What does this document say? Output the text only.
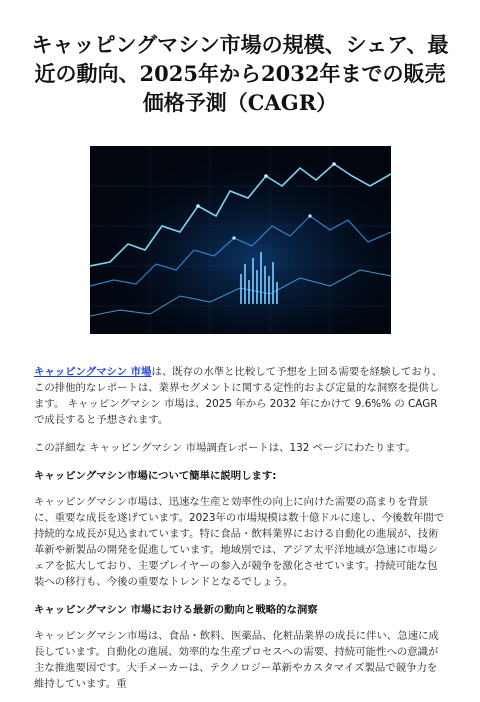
キャッピングマシン市場の規模、シェア、最近の動向、2025年から2032年までの販売価格予測（CAGR）

キャッピングマシン 市場は、既存の水準と比較して予想を上回る需要を経験しており、この排他的なレポートは、業界セグメントに関する定性的および定量的な洞察を提供します。 キャッピングマシン 市場は、2025 年から 2032 年にかけて 9.6%% の CAGR で成長すると予想されます。

この詳細な キャッピングマシン 市場調査レポートは、132 ページにわたります。

キャッピングマシン市場について簡単に説明します:

キャッピングマシン市場は、迅速な生産と効率性の向上に向けた需要の高まりを背景に、重要な成長を遂げています。2023年の市場規模は数十億ドルに達し、今後数年間で持続的な成長が見込まれています。特に食品・飲料業界における自動化の進展が、技術革新や新製品の開発を促進しています。地域別では、アジア太平洋地域が急速に市場シェアを拡大しており、主要プレイヤーの参入が競争を激化させています。持続可能な包装への移行も、今後の重要なトレンドとなるでしょう。

キャッピングマシン 市場における最新の動向と戦略的な洞察

キャッピングマシン市場は、食品・飲料、医薬品、化粧品業界の成長に伴い、急速に成長しています。自動化の進展、効率的な生産プロセスへの需要、持続可能性への意識が主な推進要因です。大手メーカーは、テクノロジー革新やカスタマイズ製品で競争力を維持しています。重
